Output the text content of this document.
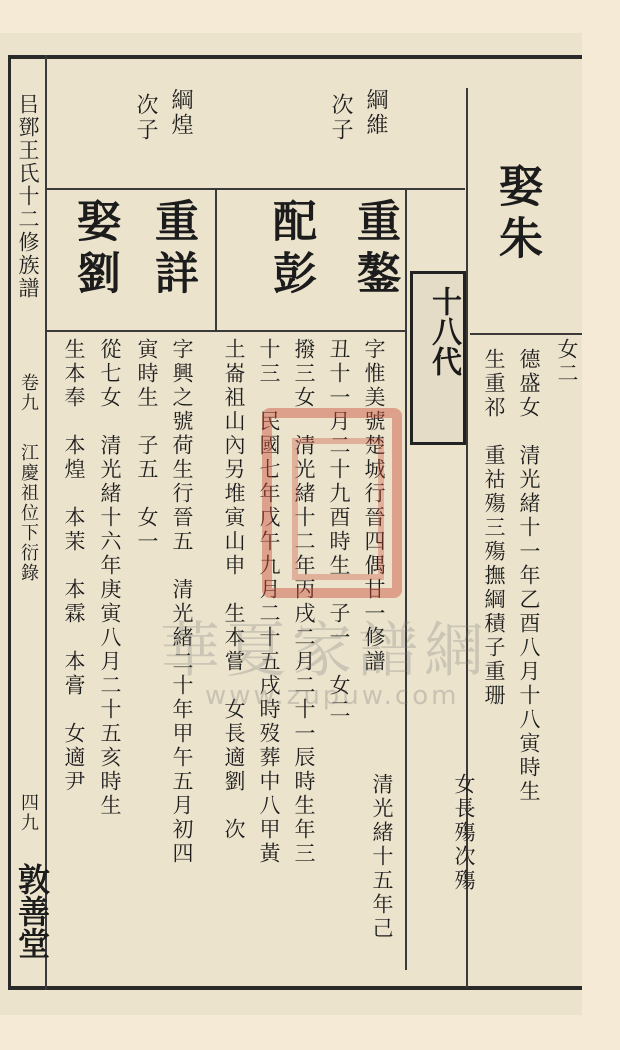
㠯鄧王氏十二修族譜
卷九
江慶祖位下衍錄
四九
敦善堂
次子 綱煌	次子 綱維
十八代
娶朱
德盛女　清光緒十一年乙酉八月十八寅時生 女二
生重祁　重祜殤三殤撫綱積子重珊
女長殤次殤
重鏊
字惟美號楚城行晉四偶甘一修譜
丑十一月二十九酉時生　子一　女二
撥三女　清光緒十二年丙戌二月二十一辰時生年三
十三　民國七年戊午九月二十五戌時歿葬中八甲黃
配彭
清光緒十五年己
土崙祖山內另堆寅山申　生本嘗　女長適劉　次
重詳
字興之號荷生行晉五　清光緒二十年甲午五月初四
寅時生　子五　女一
娶劉
從七女　清光緒十六年庚寅八月二十五亥時生
生本奉　本煌　本茉　本霖　本膏　女適尹 華夏家譜網
www.zupuw.com
